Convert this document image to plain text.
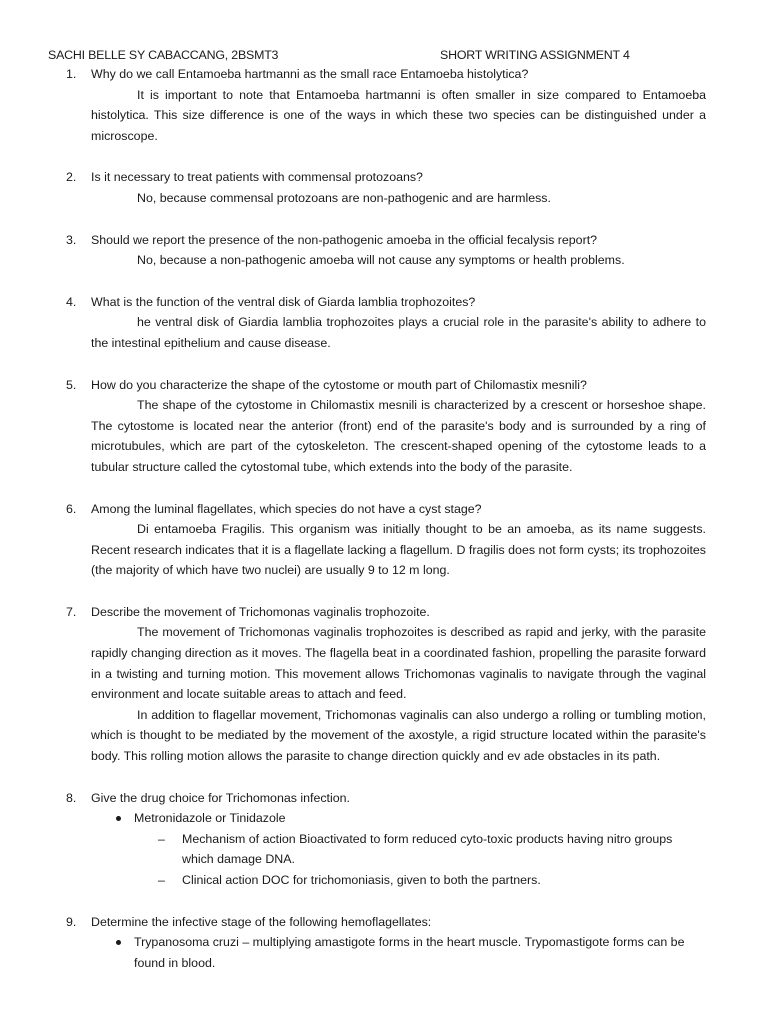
SACHI BELLE SY CABACCANG, 2BSMT3	SHORT WRITING ASSIGNMENT 4
1.	Why do we call Entamoeba hartmanni as the small race Entamoeba histolytica?
It is important to note that Entamoeba hartmanni is often smaller in size compared to Entamoeba histolytica. This size difference is one of the ways in which these two species can be distinguished under a microscope.
2.	Is it necessary to treat patients with commensal protozoans?
No, because commensal protozoans are non-pathogenic and are harmless.
3.	Should we report the presence of the non-pathogenic amoeba in the official fecalysis report?
No, because a non-pathogenic amoeba will not cause any symptoms or health problems.
4.	What is the function of the ventral disk of Giarda lamblia trophozoites?
he ventral disk of Giardia lamblia trophozoites plays a crucial role in the parasite's ability to adhere to the intestinal epithelium and cause disease.
5.	How do you characterize the shape of the cytostome or mouth part of Chilomastix mesnili?
The shape of the cytostome in Chilomastix mesnili is characterized by a crescent or horseshoe shape. The cytostome is located near the anterior (front) end of the parasite's body and is surrounded by a ring of microtubules, which are part of the cytoskeleton. The crescent-shaped opening of the cytostome leads to a tubular structure called the cytostomal tube, which extends into the body of the parasite.
6.	Among the luminal flagellates, which species do not have a cyst stage?
Di entamoeba Fragilis. This organism was initially thought to be an amoeba, as its name suggests. Recent research indicates that it is a flagellate lacking a flagellum. D fragilis does not form cysts; its trophozoites (the majority of which have two nuclei) are usually 9 to 12 m long.
7.	Describe the movement of Trichomonas vaginalis trophozoite.
The movement of Trichomonas vaginalis trophozoites is described as rapid and jerky, with the parasite rapidly changing direction as it moves. The flagella beat in a coordinated fashion, propelling the parasite forward in a twisting and turning motion. This movement allows Trichomonas vaginalis to navigate through the vaginal environment and locate suitable areas to attach and feed.
In addition to flagellar movement, Trichomonas vaginalis can also undergo a rolling or tumbling motion, which is thought to be mediated by the movement of the axostyle, a rigid structure located within the parasite's body. This rolling motion allows the parasite to change direction quickly and ev ade obstacles in its path.
8.	Give the drug choice for Trichomonas infection.
Metronidazole or Tinidazole
– Mechanism of action Bioactivated to form reduced cyto-toxic products having nitro groups which damage DNA.
– Clinical action DOC for trichomoniasis, given to both the partners.
9.	Determine the infective stage of the following hemoflagellates:
Trypanosoma cruzi – multiplying amastigote forms in the heart muscle. Trypomastigote forms can be found in blood.
